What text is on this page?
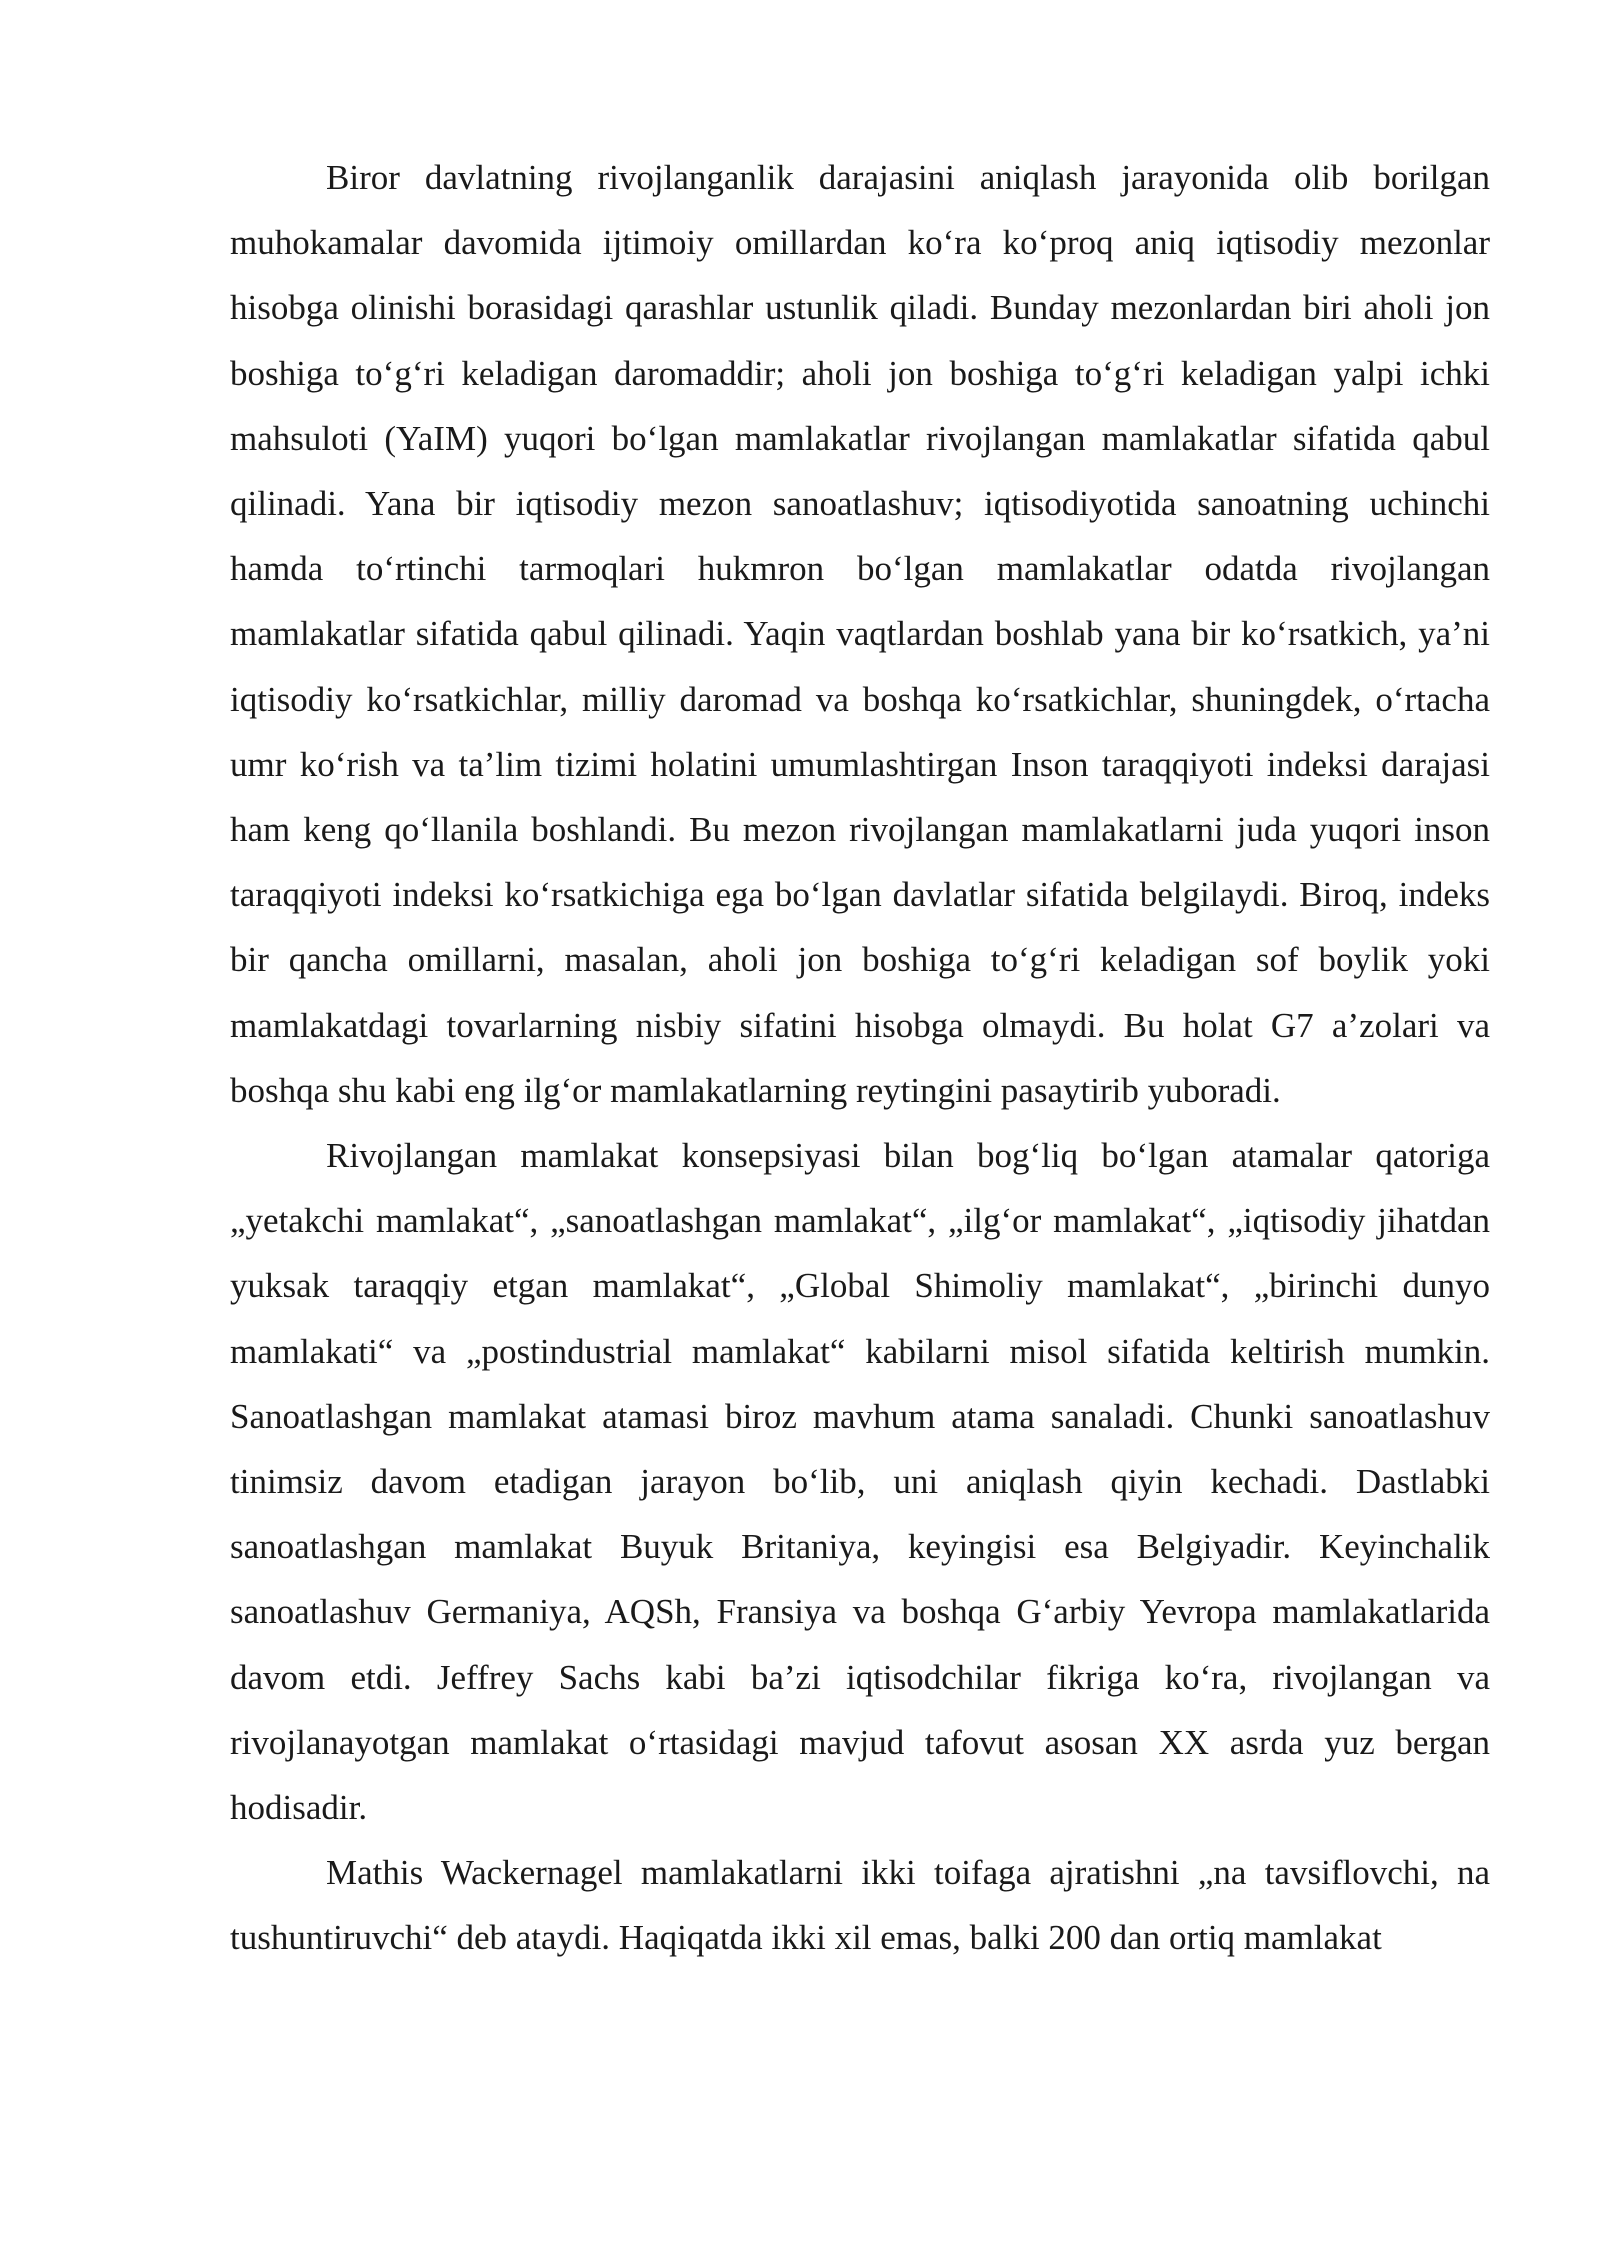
Biror davlatning rivojlanganlik darajasini aniqlash jarayonida olib borilgan muhokamalar davomida ijtimoiy omillardan ko‘ra ko‘proq aniq iqtisodiy mezonlar hisobga olinishi borasidagi qarashlar ustunlik qiladi. Bunday mezonlardan biri aholi jon boshiga to‘g‘ri keladigan daromaddir; aholi jon boshiga to‘g‘ri keladigan yalpi ichki mahsuloti (YaIM) yuqori bo‘lgan mamlakatlar rivojlangan mamlakatlar sifatida qabul qilinadi. Yana bir iqtisodiy mezon sanoatlashuv; iqtisodiyotida sanoatning uchinchi hamda to‘rtinchi tarmoqlari hukmron bo‘lgan mamlakatlar odatda rivojlangan mamlakatlar sifatida qabul qilinadi. Yaqin vaqtlardan boshlab yana bir ko‘rsatkich, ya’ni iqtisodiy ko‘rsatkichlar, milliy daromad va boshqa ko‘rsatkichlar, shuningdek, o‘rtacha umr ko‘rish va ta’lim tizimi holatini umumlashtirgan Inson taraqqiyoti indeksi darajasi ham keng qo‘llanila boshlandi. Bu mezon rivojlangan mamlakatlarni juda yuqori inson taraqqiyoti indeksi ko‘rsatkichiga ega bo‘lgan davlatlar sifatida belgilaydi. Biroq, indeks bir qancha omillarni, masalan, aholi jon boshiga to‘g‘ri keladigan sof boylik yoki mamlakatdagi tovarlarning nisbiy sifatini hisobga olmaydi. Bu holat G7 a’zolari va boshqa shu kabi eng ilg‘or mamlakatlarning reytingini pasaytirib yuboradi.

Rivojlangan mamlakat konsepsiyasi bilan bog‘liq bo‘lgan atamalar qatoriga „yetakchi mamlakat“, „sanoatlashgan mamlakat“, „ilg‘or mamlakat“, „iqtisodiy jihatdan yuksak taraqqiy etgan mamlakat“, „Global Shimoliy mamlakat“, „birinchi dunyo mamlakati“ va „postindustrial mamlakat“ kabilarni misol sifatida keltirish mumkin. Sanoatlashgan mamlakat atamasi biroz mavhum atama sanaladi. Chunki sanoatlashuv tinimsiz davom etadigan jarayon bo‘lib, uni aniqlash qiyin kechadi. Dastlabki sanoatlashgan mamlakat Buyuk Britaniya, keyingisi esa Belgiyadir. Keyinchalik sanoatlashuv Germaniya, AQSh, Fransiya va boshqa G‘arbiy Yevropa mamlakatlarida davom etdi. Jeffrey Sachs kabi ba’zi iqtisodchilar fikriga ko‘ra, rivojlangan va rivojlanayotgan mamlakat o‘rtasidagi mavjud tafovut asosan XX asrda yuz bergan hodisadir.

Mathis Wackernagel mamlakatlarni ikki toifaga ajratishni „na tavsiflovchi, na tushuntiruvchi“ deb ataydi. Haqiqatda ikki xil emas, balki 200 dan ortiq mamlakat
